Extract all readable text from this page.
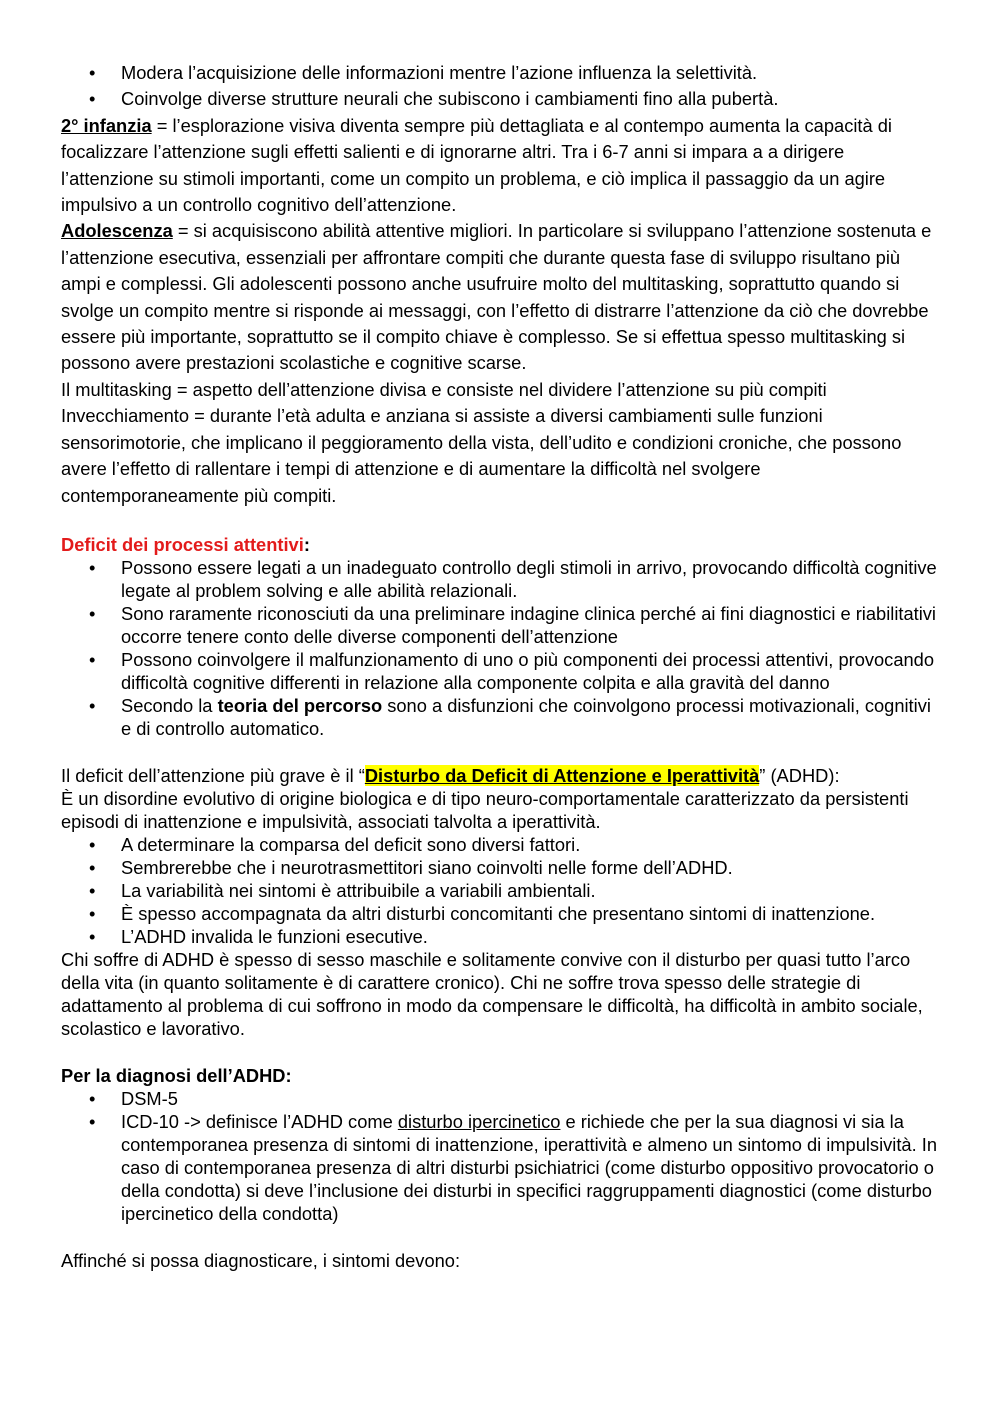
• Modera l’acquisizione delle informazioni mentre l’azione influenza la selettività.
• Coinvolge diverse strutture neurali che subiscono i cambiamenti fino alla pubertà.

2° infanzia = l’esplorazione visiva diventa sempre più dettagliata e al contempo aumenta la capacità di focalizzare l’attenzione sugli effetti salienti e di ignorarne altri. Tra i 6-7 anni si impara a a dirigere l’attenzione su stimoli importanti, come un compito un problema, e ciò implica il passaggio da un agire impulsivo a un controllo cognitivo dell’attenzione.

Adolescenza = si acquisiscono abilità attentive migliori. In particolare si sviluppano l’attenzione sostenuta e l’attenzione esecutiva, essenziali per affrontare compiti che durante questa fase di sviluppo risultano più ampi e complessi. Gli adolescenti possono anche usufruire molto del multitasking, soprattutto quando si svolge un compito mentre si risponde ai messaggi, con l’effetto di distrarre l’attenzione da ciò che dovrebbe essere più importante, soprattutto se il compito chiave è complesso. Se si effettua spesso multitasking si possono avere prestazioni scolastiche e cognitive scarse.

Il multitasking = aspetto dell’attenzione divisa e consiste nel dividere l’attenzione su più compiti

Invecchiamento = durante l’età adulta e anziana si assiste a diversi cambiamenti sulle funzioni sensorimotorie, che implicano il peggioramento della vista, dell’udito e condizioni croniche, che possono avere l’effetto di rallentare i tempi di attenzione e di aumentare la difficoltà nel svolgere contemporaneamente più compiti.

Deficit dei processi attentivi:

• Possono essere legati a un inadeguato controllo degli stimoli in arrivo, provocando difficoltà cognitive legate al problem solving e alle abilità relazionali.
• Sono raramente riconosciuti da una preliminare indagine clinica perché ai fini diagnostici e riabilitativi occorre tenere conto delle diverse componenti dell’attenzione
• Possono coinvolgere il malfunzionamento di uno o più componenti dei processi attentivi, provocando difficoltà cognitive differenti in relazione alla componente colpita e alla gravità del danno
• Secondo la teoria del percorso sono a disfunzioni che coinvolgono processi motivazionali, cognitivi e di controllo automatico.

Il deficit dell’attenzione più grave è il “Disturbo da Deficit di Attenzione e Iperattività” (ADHD):

È un disordine evolutivo di origine biologica e di tipo neuro-comportamentale caratterizzato da persistenti episodi di inattenzione e impulsività, associati talvolta a iperattività.

• A determinare la comparsa del deficit sono diversi fattori.
• Sembrerebbe che i neurotrasmettitori siano coinvolti nelle forme dell’ADHD.
• La variabilità nei sintomi è attribuibile a variabili ambientali.
• È spesso accompagnata da altri disturbi concomitanti che presentano sintomi di inattenzione.
• L’ADHD invalida le funzioni esecutive.

Chi soffre di ADHD è spesso di sesso maschile e solitamente convive con il disturbo per quasi tutto l’arco della vita (in quanto solitamente è di carattere cronico). Chi ne soffre trova spesso delle strategie di adattamento al problema di cui soffrono in modo da compensare le difficoltà, ha difficoltà in ambito sociale, scolastico e lavorativo.

Per la diagnosi dell’ADHD:

• DSM-5
• ICD-10 -> definisce l’ADHD come disturbo ipercinetico e richiede che per la sua diagnosi vi sia la contemporanea presenza di sintomi di inattenzione, iperattività e almeno un sintomo di impulsività. In caso di contemporanea presenza di altri disturbi psichiatrici (come disturbo oppositivo provocatorio o della condotta) si deve l’inclusione dei disturbi in specifici raggruppamenti diagnostici (come disturbo ipercinetico della condotta)

Affinché si possa diagnosticare, i sintomi devono:
